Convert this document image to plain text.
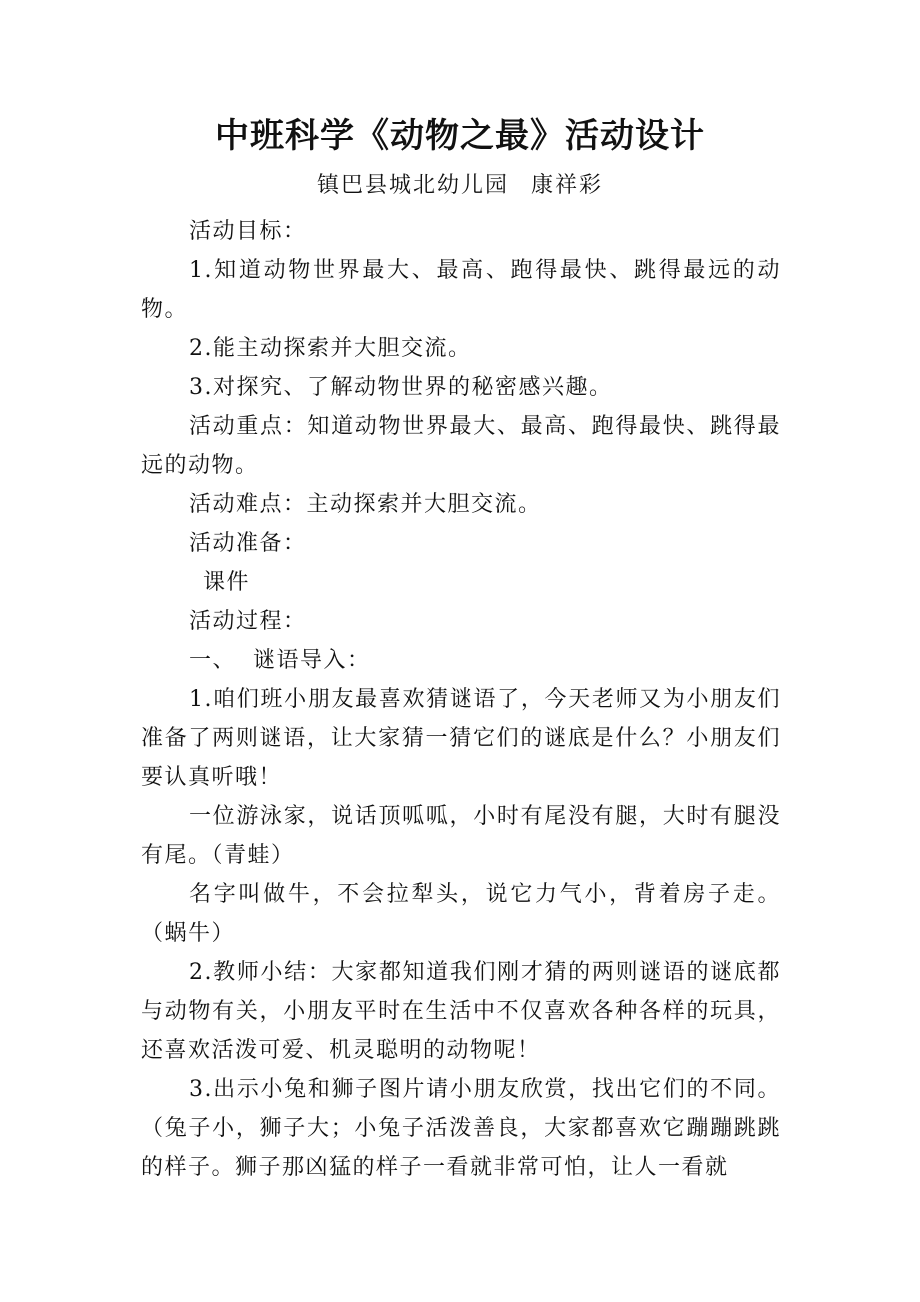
中班科学《动物之最》活动设计

镇巴县城北幼儿园 康祥彩

活动目标：

1.知道动物世界最大、最高、跑得最快、跳得最远的动物。

2.能主动探索并大胆交流。

3.对探究、了解动物世界的秘密感兴趣。

活动重点：知道动物世界最大、最高、跑得最快、跳得最远的动物。

活动难点：主动探索并大胆交流。

活动准备：

课件

活动过程：

一、  谜语导入：

1.咱们班小朋友最喜欢猜谜语了，今天老师又为小朋友们准备了两则谜语，让大家猜一猜它们的谜底是什么？小朋友们要认真听哦！

一位游泳家，说话顶呱呱，小时有尾没有腿，大时有腿没有尾。（青蛙）

名字叫做牛，不会拉犁头，说它力气小，背着房子走。（蜗牛）

2.教师小结：大家都知道我们刚才猜的两则谜语的谜底都与动物有关，小朋友平时在生活中不仅喜欢各种各样的玩具，还喜欢活泼可爱、机灵聪明的动物呢！

3.出示小兔和狮子图片请小朋友欣赏，找出它们的不同。（兔子小，狮子大；小兔子活泼善良，大家都喜欢它蹦蹦跳跳的样子。狮子那凶猛的样子一看就非常可怕，让人一看就
